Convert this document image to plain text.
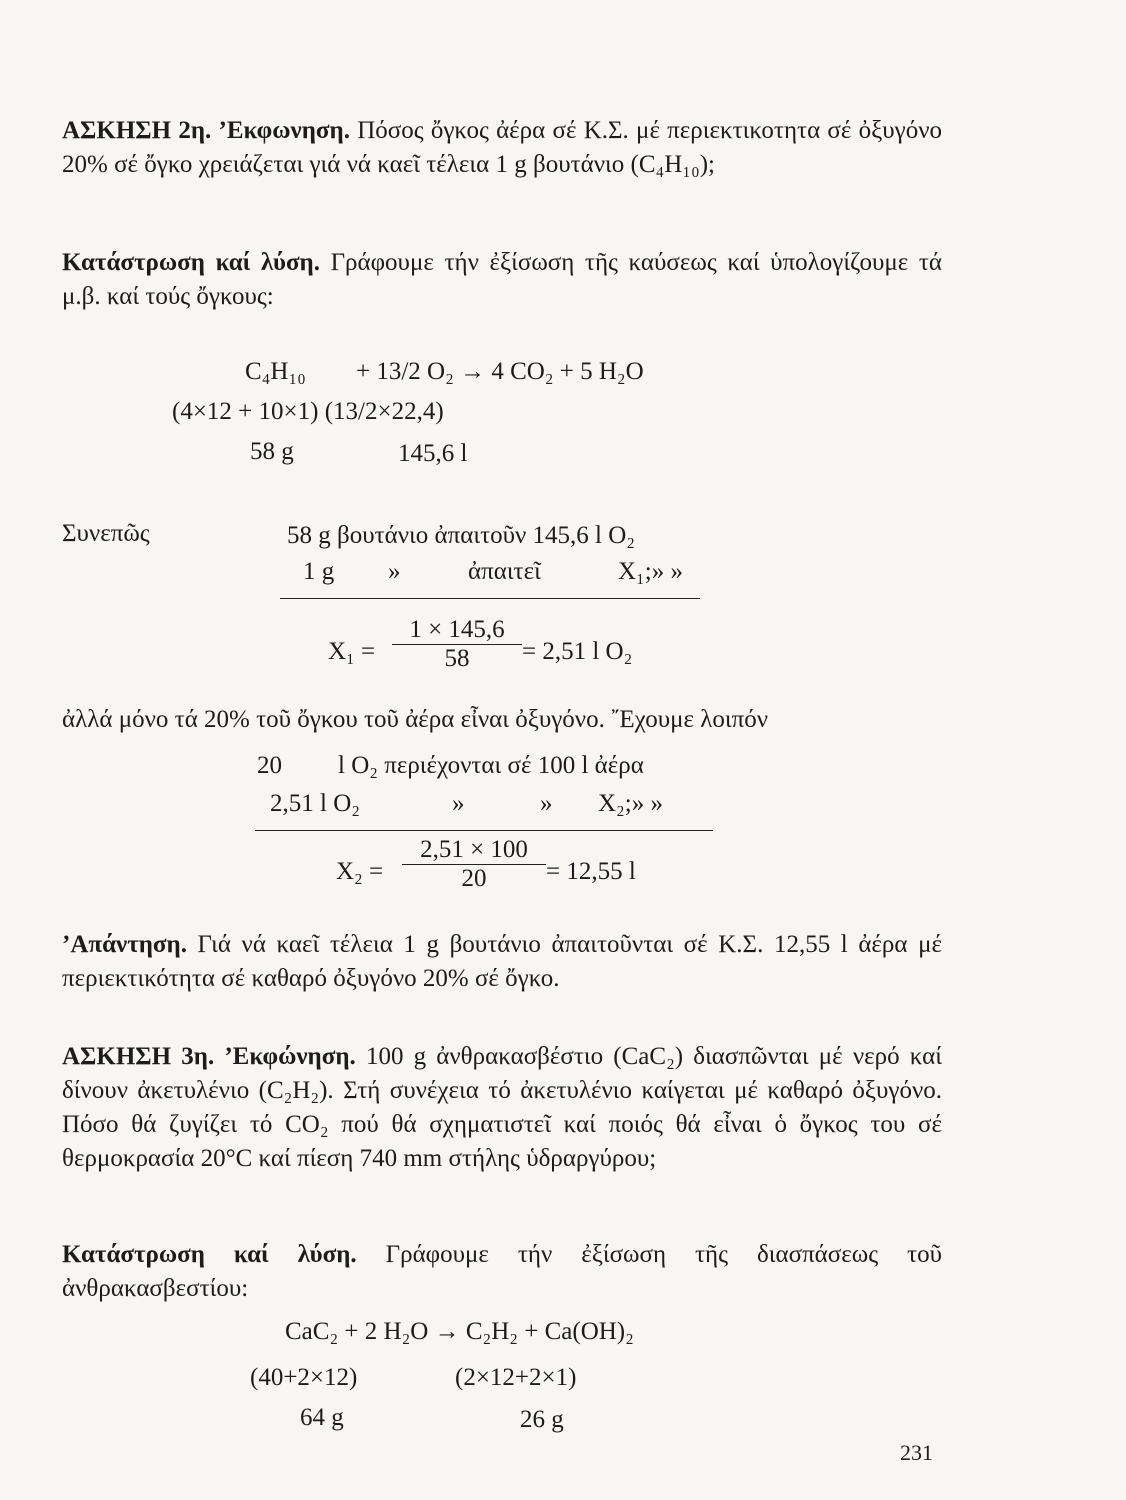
ΑΣΚΗΣΗ 2η. ’Εκφωνηση. Πόσος ὄγκος ἀέρα σέ Κ.Σ. μέ περιεκτικοτητα σέ ὀξυγόνο 20% σέ ὄγκο χρειάζεται γιά νά καεῖ τέλεια 1 g βουτάνιο (C₄H₁₀);
Κατάστρωση καί λύση. Γράφουμε τήν ἐξίσωση τῆς καύσεως καί ὑπολογίζουμε τά μ.β. καί τούς ὄγκους:
C₄H₁₀ + 13/2 O₂ → 4 CO₂ + 5 H₂O
(4×12 + 10×1) (13/2×22,4)
58 g	145,6 l
Συνεπῶς	58 g βουτάνιο ἀπαιτοῦν 145,6 l O₂
1 g »	ἀπαιτεῖ	X₁;» »
$X_1 = \frac{1 \times 145,6}{58} = 2,51$ l O₂
ἀλλά μόνο τά 20% τοῦ ὄγκου τοῦ ἀέρα εἶναι ὀξυγόνο. ῎Εχουμε λοιπόν
20 l O₂ περιέχονται σέ 100 l ἀέρα
2,51 l O₂	»	» X₂;» »
$X_2 = \frac{2,51 \times 100}{20} = 12,55$ l
’Απάντηση. Γιά νά καεῖ τέλεια 1 g βουτάνιο ἀπαιτοῦνται σέ Κ.Σ. 12,55 l ἀέρα μέ περιεκτικότητα σέ καθαρό ὀξυγόνο 20% σέ ὄγκο.
ΑΣΚΗΣΗ 3η. ’Εκφώνηση. 100 g ἀνθρακασβέστιο (CaC₂) διασπῶνται μέ νερό καί δίνουν ἀκετυλένιο (C₂H₂). Στή συνέχεια τό ἀκετυλένιο καίγεται μέ καθαρό ὀξυγόνο. Πόσο θά ζυγίζει τό CO₂ πού θά σχηματιστεῖ καί ποιός θά εἶναι ὁ ὄγκος του σέ θερμοκρασία 20°C καί πίεση 740 mm στήλης ὑδραργύρου;
Κατάστρωση καί λύση. Γράφουμε τήν ἐξίσωση τῆς διασπάσεως τοῦ ἀνθρακασβεστίου:
CaC₂ + 2 H₂O → C₂H₂ + Ca(OH)₂
(40+2×12)	(2×12+2×1)
64 g	26 g
231
